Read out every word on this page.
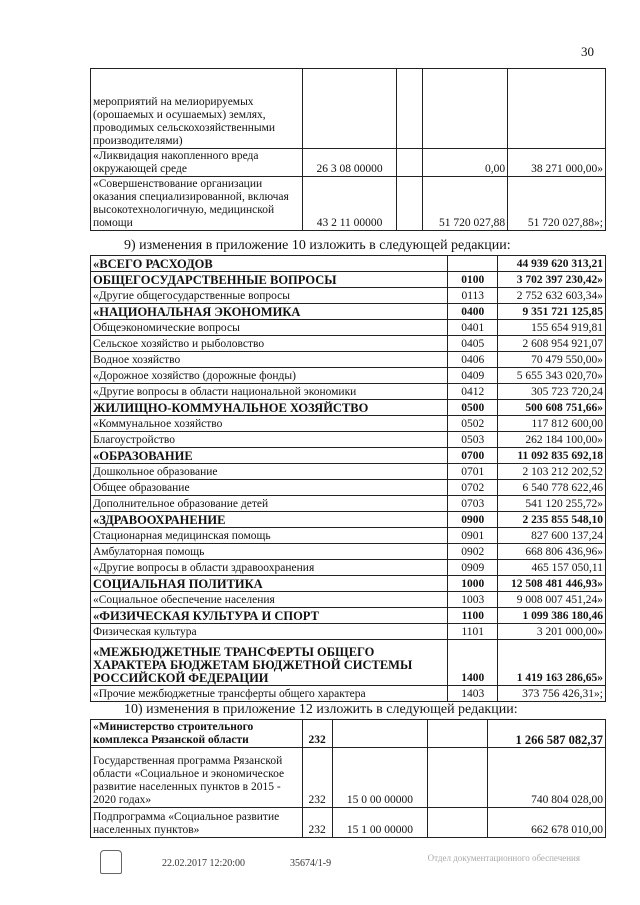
30
мероприятий на мелиорируемых (орошаемых и осушаемых) землях, проводимых сельскохозяйственными производителями)				
«Ликвидация накопленного вреда окружающей среде	26 3 08 00000		0,00	38 271 000,00»
«Совершенствование организации оказания специализированной, включая высокотехнологичную, медицинской помощи	43 2 11 00000		51 720 027,88	51 720 027,88»;
9) изменения в приложение 10 изложить в следующей редакции:
«ВСЕГО РАСХОДОВ		44 939 620 313,21
ОБЩЕГОСУДАРСТВЕННЫЕ ВОПРОСЫ	0100	3 702 397 230,42»
«Другие общегосударственные вопросы	0113	2 752 632 603,34»
«НАЦИОНАЛЬНАЯ ЭКОНОМИКА	0400	9 351 721 125,85
Общеэкономические вопросы	0401	155 654 919,81
Сельское хозяйство и рыболовство	0405	2 608 954 921,07
Водное хозяйство	0406	70 479 550,00»
«Дорожное хозяйство (дорожные фонды)	0409	5 655 343 020,70»
«Другие вопросы в области национальной экономики	0412	305 723 720,24
ЖИЛИЩНО-КОММУНАЛЬНОЕ ХОЗЯЙСТВО	0500	500 608 751,66»
«Коммунальное хозяйство	0502	117 812 600,00
Благоустройство	0503	262 184 100,00»
«ОБРАЗОВАНИЕ	0700	11 092 835 692,18
Дошкольное образование	0701	2 103 212 202,52
Общее образование	0702	6 540 778 622,46
Дополнительное образование детей	0703	541 120 255,72»
«ЗДРАВООХРАНЕНИЕ	0900	2 235 855 548,10
Стационарная медицинская помощь	0901	827 600 137,24
Амбулаторная помощь	0902	668 806 436,96»
«Другие вопросы в области здравоохранения	0909	465 157 050,11
СОЦИАЛЬНАЯ ПОЛИТИКА	1000	12 508 481 446,93»
«Социальное обеспечение населения	1003	9 008 007 451,24»
«ФИЗИЧЕСКАЯ КУЛЬТУРА И СПОРТ	1100	1 099 386 180,46
Физическая культура	1101	3 201 000,00»
«МЕЖБЮДЖЕТНЫЕ ТРАНСФЕРТЫ ОБЩЕГО ХАРАКТЕРА БЮДЖЕТАМ БЮДЖЕТНОЙ СИСТЕМЫ РОССИЙСКОЙ ФЕДЕРАЦИИ	1400	1 419 163 286,65»
«Прочие межбюджетные трансферты общего характера	1403	373 756 426,31»;
10) изменения в приложение 12 изложить в следующей редакции:
«Министерство строительного комплекса Рязанской области	232			1 266 587 082,37
Государственная программа Рязанской области «Социальное и экономическое развитие населенных пунктов в 2015 - 2020 годах»	232	15 0 00 00000		740 804 028,00
Подпрограмма «Социальное развитие населенных пунктов»	232	15 1 00 00000		662 678 010,00
22.02.2017 12:20:00	35674/1-9	Отдел документационного обеспечения
